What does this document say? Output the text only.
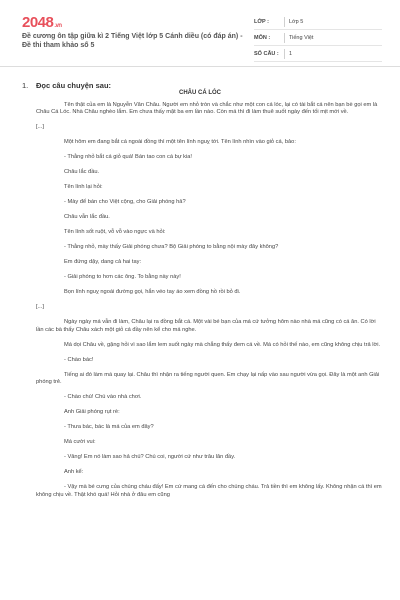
2048.vn
Đề cương ôn tập giữa kì 2 Tiếng Việt lớp 5 Cánh diều (có đáp án) - Đề thi tham khảo số 5
LỚP :	Lớp 5
MÔN :	Tiếng Việt
SỐ CÂU :	1
1. Đọc câu chuyện sau:
CHÂU CÁ LÓC

Tên thật của em là Nguyễn Văn Châu. Người em nhỏ tròn và chắc như một con cá lóc, lại có tài bắt cá nên bạn bè gọi em là Châu Cá Lóc. Nhà Châu nghèo lắm. Em chưa thấy mặt ba em lần nào. Còn má thì đi làm thuê suốt ngày đến tối mịt mới về.

[...]

Một hôm em đang bắt cá ngoài đồng thì một tên lính nguỵ tới. Tên lính nhìn vào giỏ cá, bảo:

- Thằng nhỏ bắt cá giỏ quá! Bán tao con cá bự kia!

Châu lắc đầu.

Tên lính lại hỏi:

- Mày để bán cho Việt cộng, cho Giải phóng hả?

Châu vẫn lắc đầu.

Tên lính sốt ruột, vỗ vỗ vào ngực và hỏi:

- Thằng nhỏ, mày thấy Giải phóng chưa? Bộ Giải phóng to bằng nội mày đây không?

Em đứng dậy, dang cả hai tay:

- Giải phóng to hơn các ông. To bằng này này!

Bọn lính nguỵ ngoái đường gọi, hắn véo tay áo xem đồng hồ rồi bỏ đi.

[...]

Ngày ngày má vẫn đi làm, Châu lại ra đồng bắt cá. Một vài bé bạn của má cứ tưởng hôm nào nhà má cũng có cá ăn. Có lời lần các bà thấy Châu xách một giỏ cá đầy nên kể cho má nghe.

Má dọi Châu về, gặng hỏi vì sao lắm lem suốt ngày mà chẳng thấy đem cá về. Má có hỏi thế nào, em cũng không chịu trả lời.

- Chào bác!

Tiếng ai đó làm má quay lại. Châu thì nhận ra tiếng người quen. Em chạy lại nấp vào sau người vừa gọi. Đây là một anh Giải phóng trẻ.

- Chào chú! Chú vào nhà chơi.

Anh Giải phóng rụt rè:

- Thưa bác, bác là má của em đây?

Má cười vui:

- Vâng! Em nó làm sao hả chú? Chú coi, người cứ như trâu lăn đầy.

Anh kể:

- Vậy mà bé cưng của chúng cháu đấy! Em cứ mang cá đến cho chúng cháu. Trả tiền thì em không lấy. Không nhận cá thì em không chịu về. Thật khó quá! Hỏi nhà ở đâu em cũng
